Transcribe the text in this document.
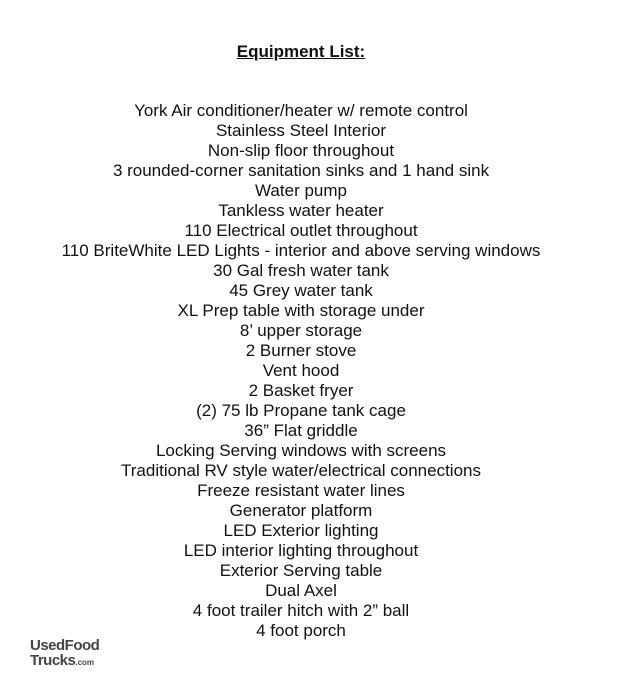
Equipment List:
York Air conditioner/heater w/ remote control
Stainless Steel Interior
Non-slip floor throughout
3 rounded-corner sanitation sinks and 1 hand sink
Water pump
Tankless water heater
110 Electrical outlet throughout
110 BriteWhite LED Lights - interior and above serving windows
30 Gal fresh water tank
45 Grey water tank
XL Prep table with storage under
8’ upper storage
2 Burner stove
Vent hood
2 Basket fryer
(2) 75 lb Propane tank cage
36” Flat griddle
Locking Serving windows with screens
Traditional RV style water/electrical connections
Freeze resistant water lines
Generator platform
LED Exterior lighting
LED interior lighting throughout
Exterior Serving table
Dual Axel
4 foot trailer hitch with 2” ball
4 foot porch
UsedFood
Trucks.com
